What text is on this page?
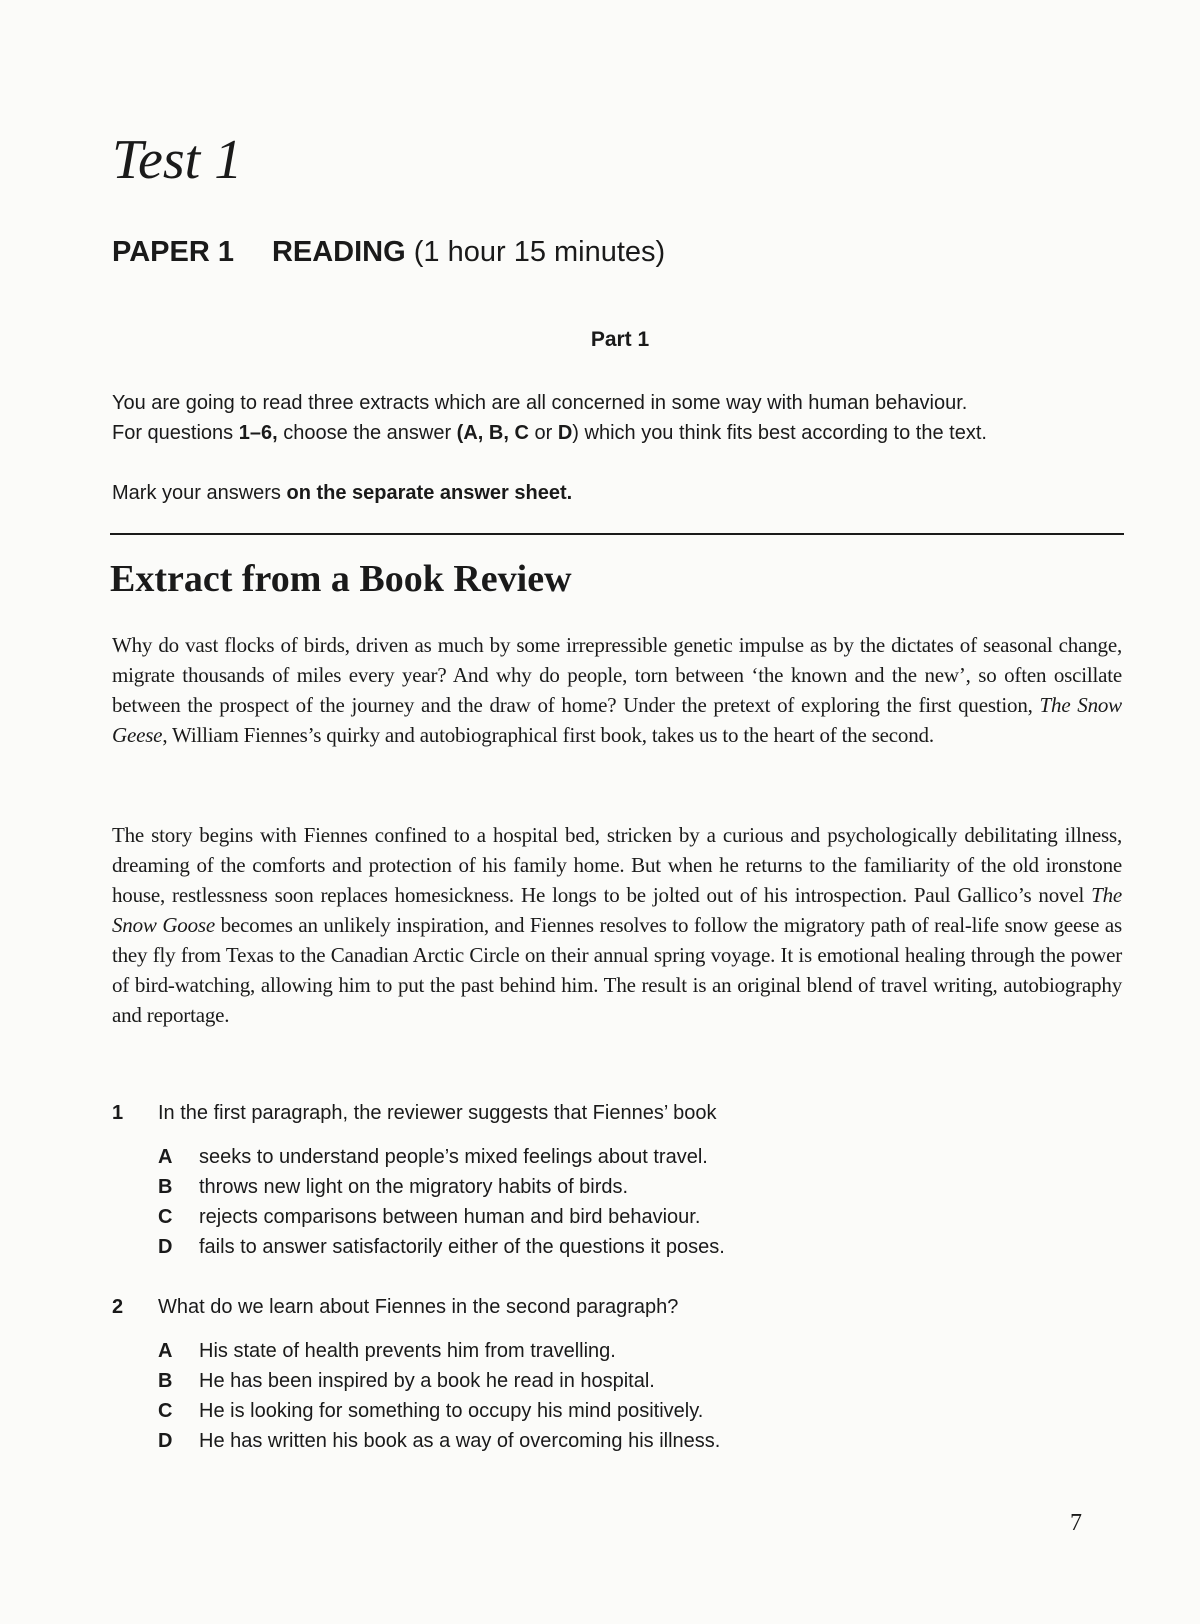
Test 1
PAPER 1 READING (1 hour 15 minutes)

Part 1

You are going to read three extracts which are all concerned in some way with human behaviour.
For questions 1–6, choose the answer (A, B, C or D) which you think fits best according to the text.

Mark your answers on the separate answer sheet.

Extract from a Book Review

Why do vast flocks of birds, driven as much by some irrepressible genetic impulse as by the dictates of seasonal change, migrate thousands of miles every year? And why do people, torn between ‘the known and the new’, so often oscillate between the prospect of the journey and the draw of home? Under the pretext of exploring the first question, The Snow Geese, William Fiennes’s quirky and autobiographical first book, takes us to the heart of the second.

The story begins with Fiennes confined to a hospital bed, stricken by a curious and psychologically debilitating illness, dreaming of the comforts and protection of his family home. But when he returns to the familiarity of the old ironstone house, restlessness soon replaces homesickness. He longs to be jolted out of his introspection. Paul Gallico’s novel The Snow Goose becomes an unlikely inspiration, and Fiennes resolves to follow the migratory path of real-life snow geese as they fly from Texas to the Canadian Arctic Circle on their annual spring voyage. It is emotional healing through the power of bird-watching, allowing him to put the past behind him. The result is an original blend of travel writing, autobiography and reportage.

1 In the first paragraph, the reviewer suggests that Fiennes’ book
A seeks to understand people’s mixed feelings about travel.
B throws new light on the migratory habits of birds.
C rejects comparisons between human and bird behaviour.
D fails to answer satisfactorily either of the questions it poses.
2 What do we learn about Fiennes in the second paragraph?
A His state of health prevents him from travelling.
B He has been inspired by a book he read in hospital.
C He is looking for something to occupy his mind positively.
D He has written his book as a way of overcoming his illness.

7
